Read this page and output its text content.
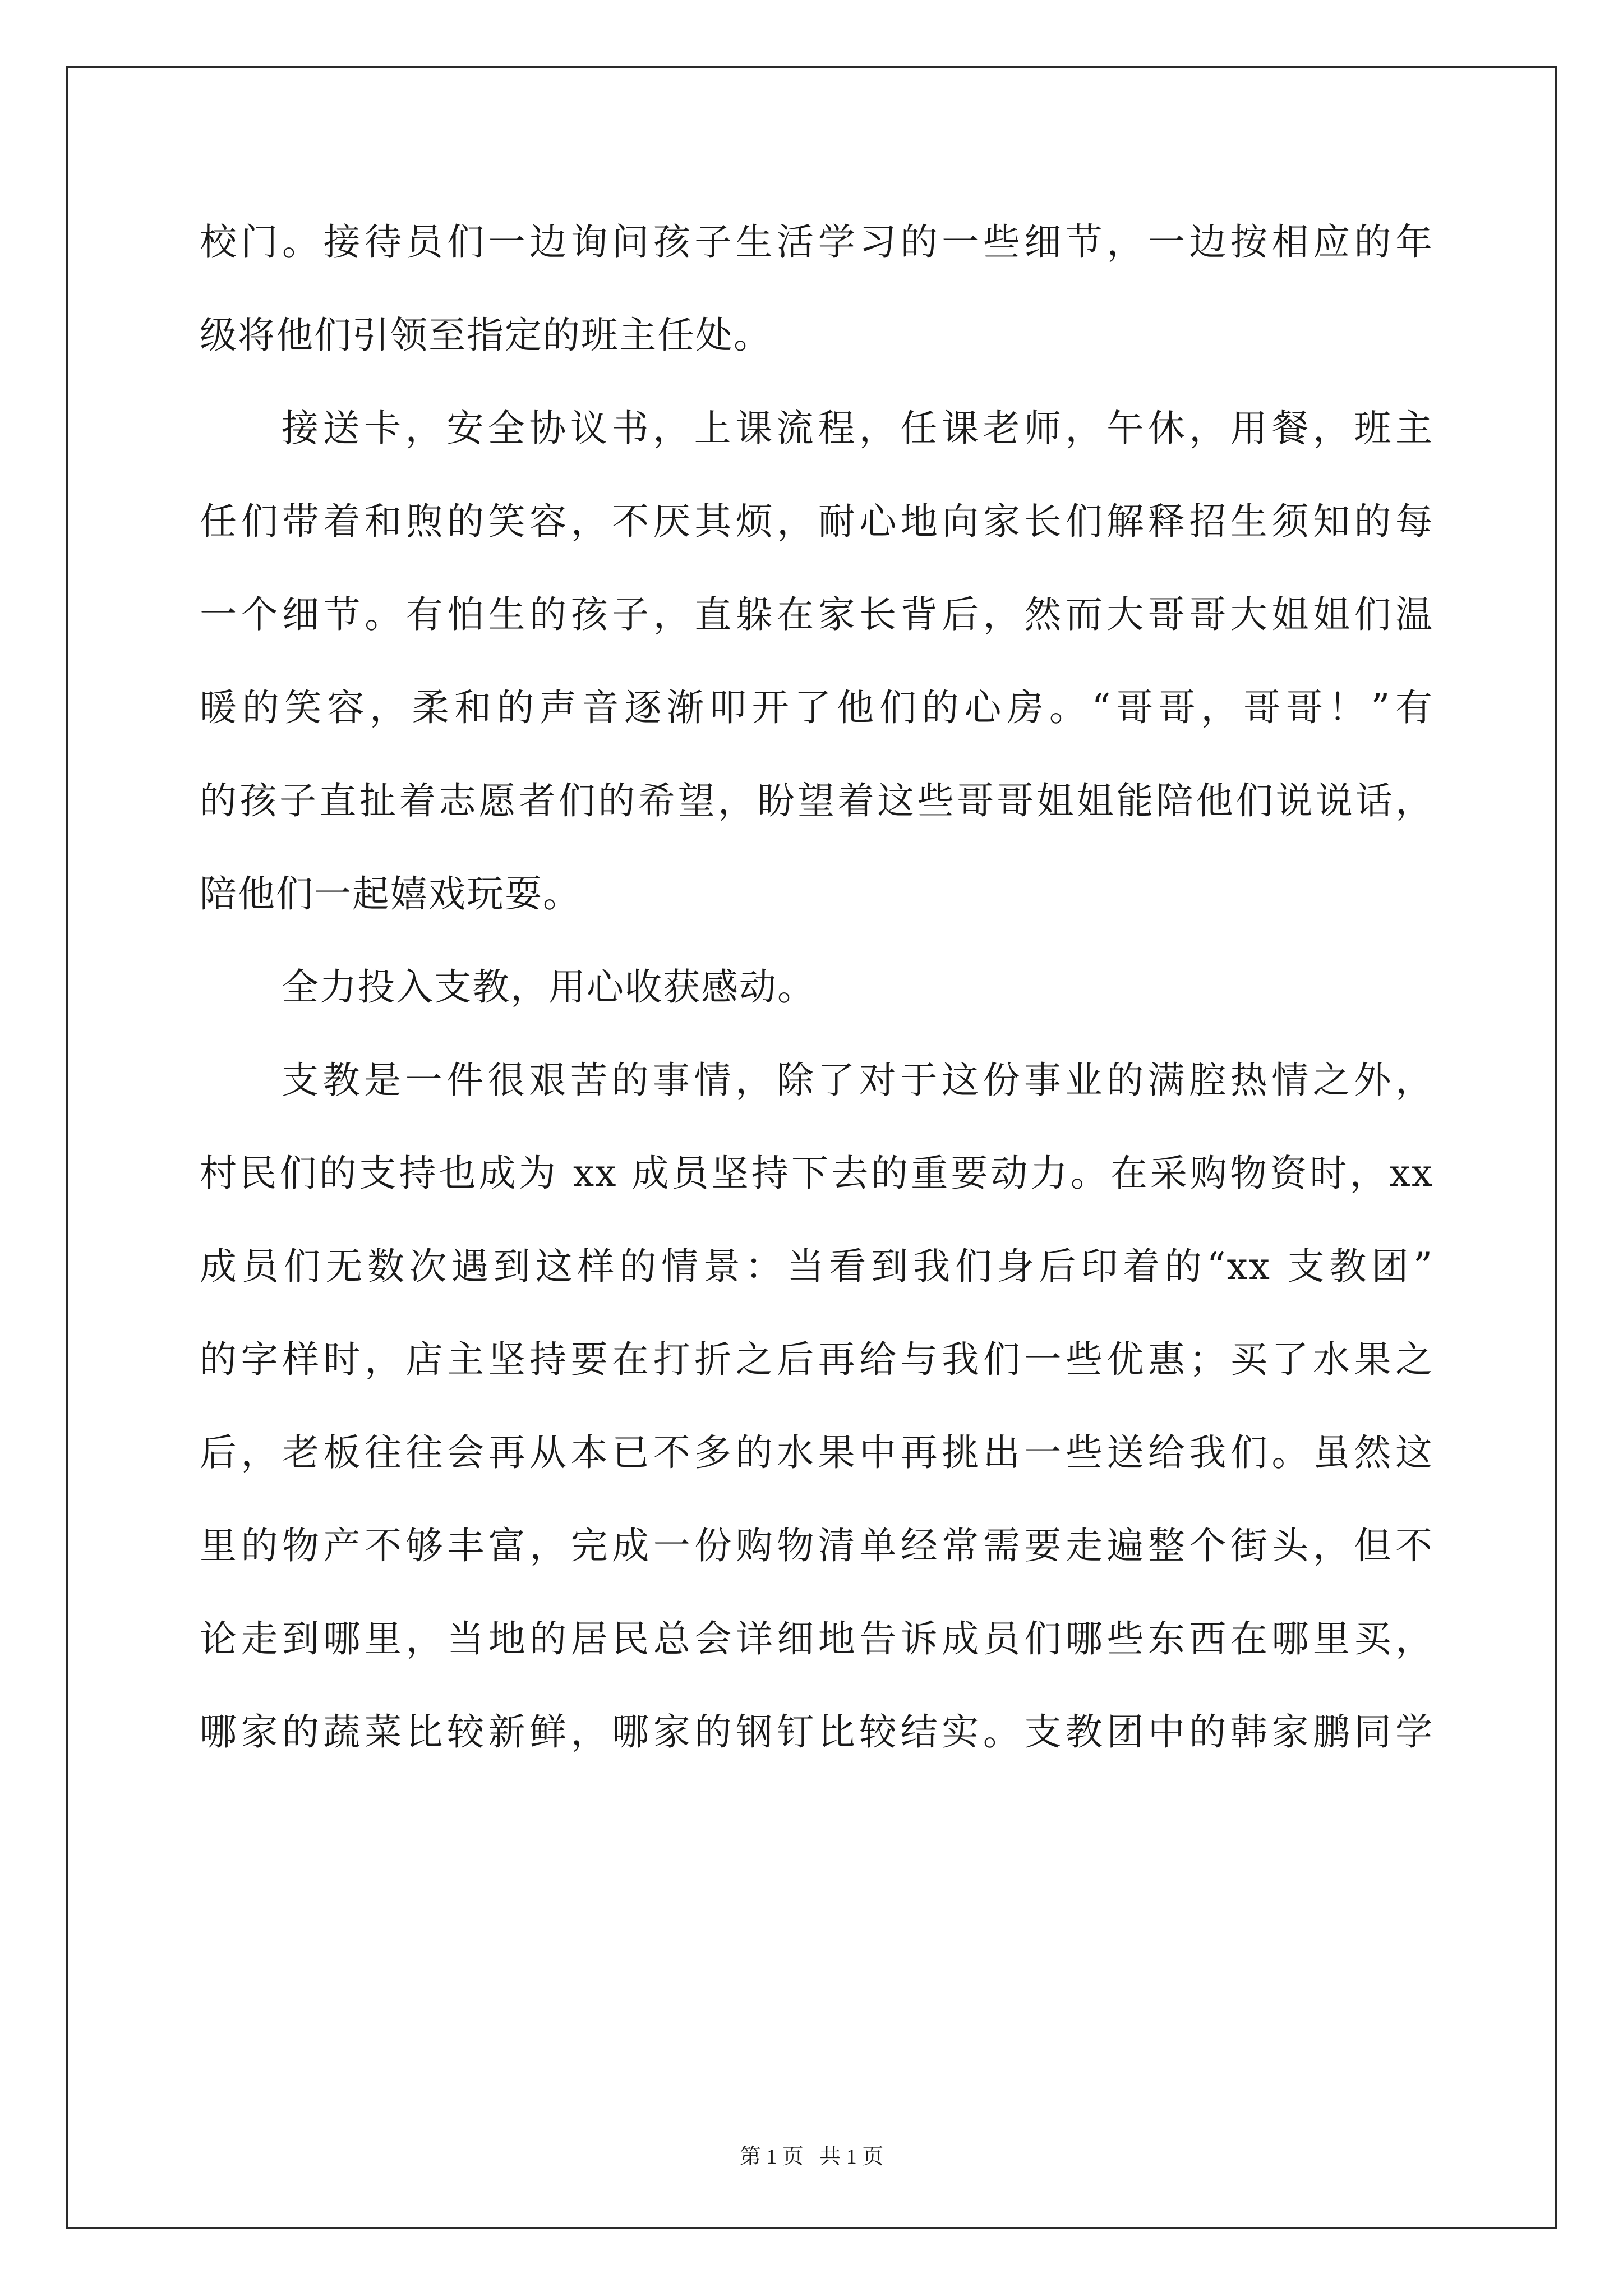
校门。接待员们一边询问孩子生活学习的一些细节，一边按相应的年
级将他们引领至指定的班主任处。
接送卡，安全协议书，上课流程，任课老师，午休，用餐，班主
任们带着和煦的笑容，不厌其烦，耐心地向家长们解释招生须知的每
一个细节。有怕生的孩子，直躲在家长背后，然而大哥哥大姐姐们温
暖的笑容，柔和的声音逐渐叩开了他们的心房。“哥哥，哥哥！”有
的孩子直扯着志愿者们的希望，盼望着这些哥哥姐姐能陪他们说说话，
陪他们一起嬉戏玩耍。
全力投入支教，用心收获感动。
支教是一件很艰苦的事情，除了对于这份事业的满腔热情之外，
村民们的支持也成为 xx 成员坚持下去的重要动力。在采购物资时，xx
成员们无数次遇到这样的情景：当看到我们身后印着的“xx 支教团”
的字样时，店主坚持要在打折之后再给与我们一些优惠；买了水果之
后，老板往往会再从本已不多的水果中再挑出一些送给我们。虽然这
里的物产不够丰富，完成一份购物清单经常需要走遍整个街头，但不
论走到哪里，当地的居民总会详细地告诉成员们哪些东西在哪里买，
哪家的蔬菜比较新鲜，哪家的钢钉比较结实。支教团中的韩家鹏同学
第 1 页   共 1 页
